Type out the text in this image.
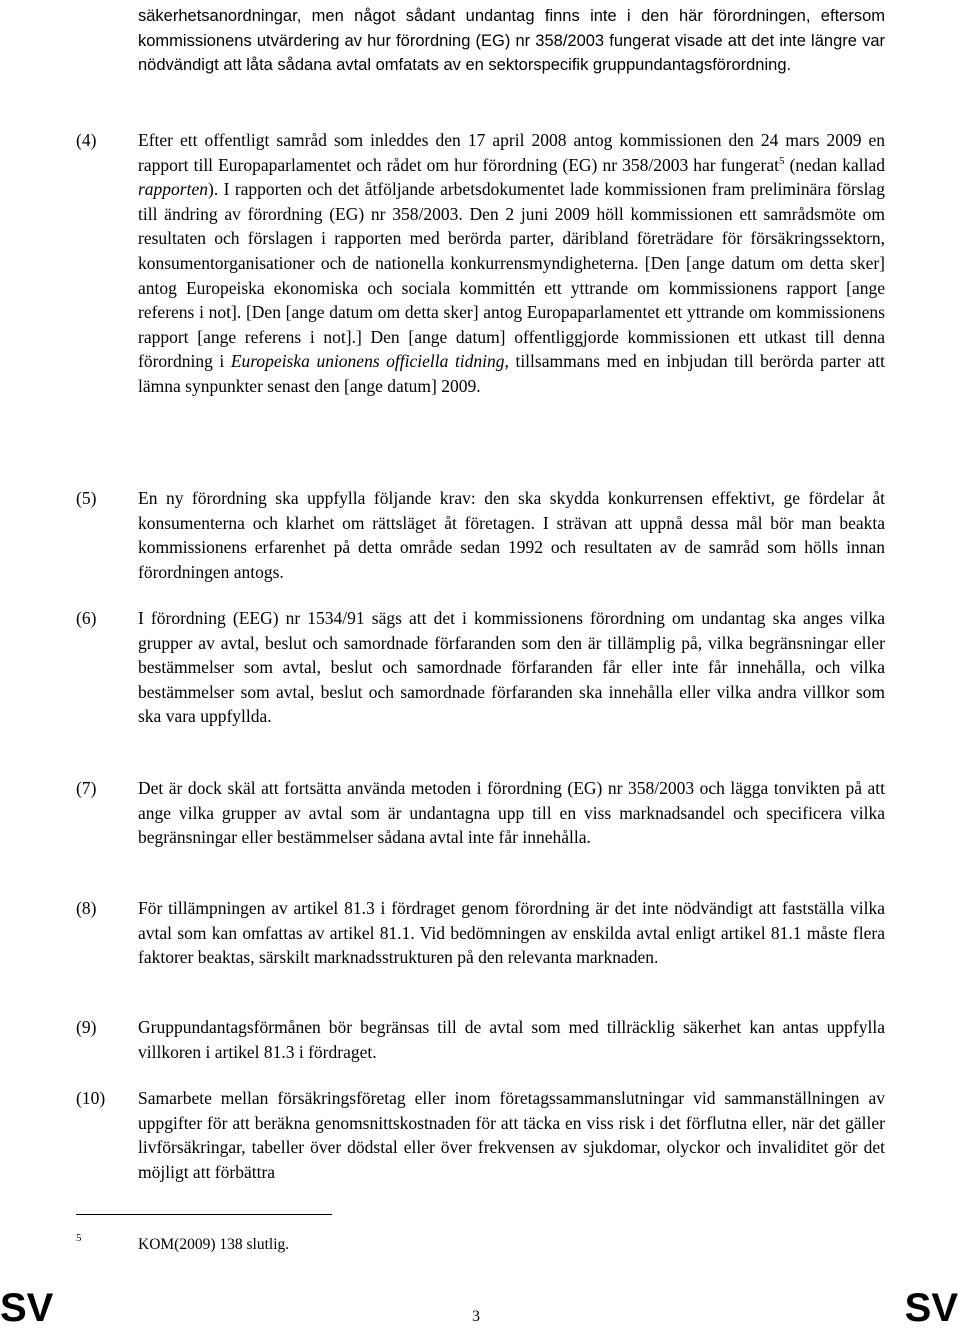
säkerhetsanordningar, men något sådant undantag finns inte i den här förordningen, eftersom kommissionens utvärdering av hur förordning (EG) nr 358/2003 fungerat visade att det inte längre var nödvändigt att låta sådana avtal omfatats av en sektorspecifik gruppundantagsförordning.
(4) Efter ett offentligt samråd som inleddes den 17 april 2008 antog kommissionen den 24 mars 2009 en rapport till Europaparlamentet och rådet om hur förordning (EG) nr 358/2003 har fungerat$^5$ (nedan kallad rapporten). I rapporten och det åtföljande arbetsdokumentet lade kommissionen fram preliminära förslag till ändring av förordning (EG) nr 358/2003. Den 2 juni 2009 höll kommissionen ett samrådsmöte om resultaten och förslagen i rapporten med berörda parter, däribland företrädare för försäkringssektorn, konsumentorganisationer och de nationella konkurrensmyndigheterna. [Den [ange datum om detta sker] antog Europeiska ekonomiska och sociala kommittén ett yttrande om kommissionens rapport [ange referens i not]. [Den [ange datum om detta sker] antog Europaparlamentet ett yttrande om kommissionens rapport [ange referens i not].] Den [ange datum] offentliggjorde kommissionen ett utkast till denna förordning i Europeiska unionens officiella tidning, tillsammans med en inbjudan till berörda parter att lämna synpunkter senast den [ange datum] 2009.
(5) En ny förordning ska uppfylla följande krav: den ska skydda konkurrensen effektivt, ge fördelar åt konsumenterna och klarhet om rättsläget åt företagen. I strävan att uppnå dessa mål bör man beakta kommissionens erfarenhet på detta område sedan 1992 och resultaten av de samråd som hölls innan förordningen antogs.
(6) I förordning (EEG) nr 1534/91 sägs att det i kommissionens förordning om undantag ska anges vilka grupper av avtal, beslut och samordnade förfaranden som den är tillämplig på, vilka begränsningar eller bestämmelser som avtal, beslut och samordnade förfaranden får eller inte får innehålla, och vilka bestämmelser som avtal, beslut och samordnade förfaranden ska innehålla eller vilka andra villkor som ska vara uppfyllda.
(7) Det är dock skäl att fortsätta använda metoden i förordning (EG) nr 358/2003 och lägga tonvikten på att ange vilka grupper av avtal som är undantagna upp till en viss marknadsandel och specificera vilka begränsningar eller bestämmelser sådana avtal inte får innehålla.
(8) För tillämpningen av artikel 81.3 i fördraget genom förordning är det inte nödvändigt att fastställa vilka avtal som kan omfattas av artikel 81.1. Vid bedömningen av enskilda avtal enligt artikel 81.1 måste flera faktorer beaktas, särskilt marknadsstrukturen på den relevanta marknaden.
(9) Gruppundantagsförmånen bör begränsas till de avtal som med tillräcklig säkerhet kan antas uppfylla villkoren i artikel 81.3 i fördraget.
(10) Samarbete mellan försäkringsföretag eller inom företagssammanslutningar vid sammanställningen av uppgifter för att beräkna genomsnittskostnaden för att täcka en viss risk i det förflutna eller, när det gäller livförsäkringar, tabeller över dödstal eller över frekvensen av sjukdomar, olyckor och invaliditet gör det möjligt att förbättra
5	KOM(2009) 138 slutlig.
SV	3	SV
